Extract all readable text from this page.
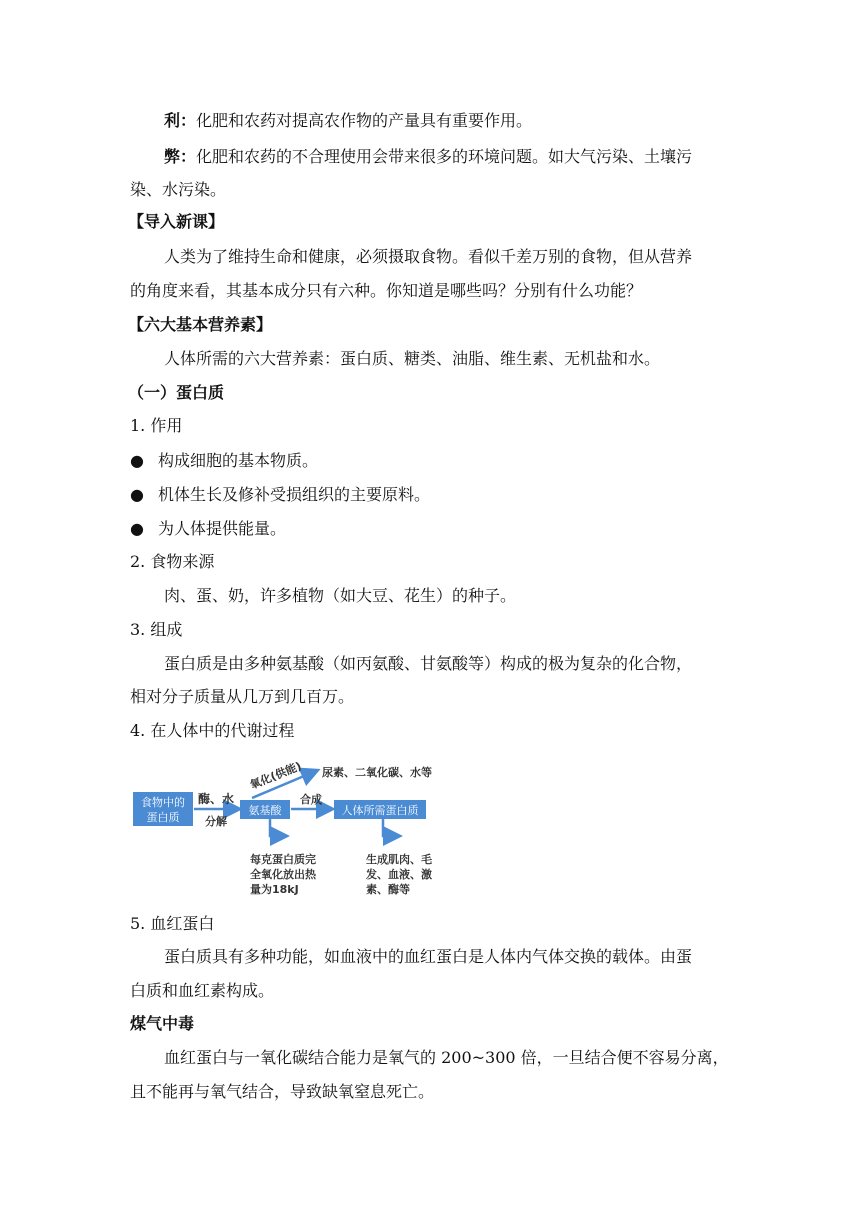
利：化肥和农药对提高农作物的产量具有重要作用。
弊：化肥和农药的不合理使用会带来很多的环境问题。如大气污染、土壤污
染、水污染。
【导入新课】
人类为了维持生命和健康，必须摄取食物。看似千差万别的食物，但从营养
的角度来看，其基本成分只有六种。你知道是哪些吗？分别有什么功能？
【六大基本营养素】
人体所需的六大营养素：蛋白质、糖类、油脂、维生素、无机盐和水。
（一）蛋白质
1. 作用
● 构成细胞的基本物质。
● 机体生长及修补受损组织的主要原料。
● 为人体提供能量。
2. 食物来源
肉、蛋、奶，许多植物（如大豆、花生）的种子。
3. 组成
蛋白质是由多种氨基酸（如丙氨酸、甘氨酸等）构成的极为复杂的化合物，
相对分子质量从几万到几百万。
4. 在人体中的代谢过程
食物中的
蛋白质
酶、水
分解
氨基酸
氧化(供能) 尿素、二氧化碳、水等
合成
人体所需蛋白质
每克蛋白质完
全氧化放出热
量为18kJ
生成肌肉、毛
发、血液、激
素、酶等
5. 血红蛋白
蛋白质具有多种功能，如血液中的血红蛋白是人体内气体交换的载体。由蛋
白质和血红素构成。
煤气中毒
血红蛋白与一氧化碳结合能力是氧气的 200~300 倍，一旦结合便不容易分离，
且不能再与氧气结合，导致缺氧窒息死亡。
